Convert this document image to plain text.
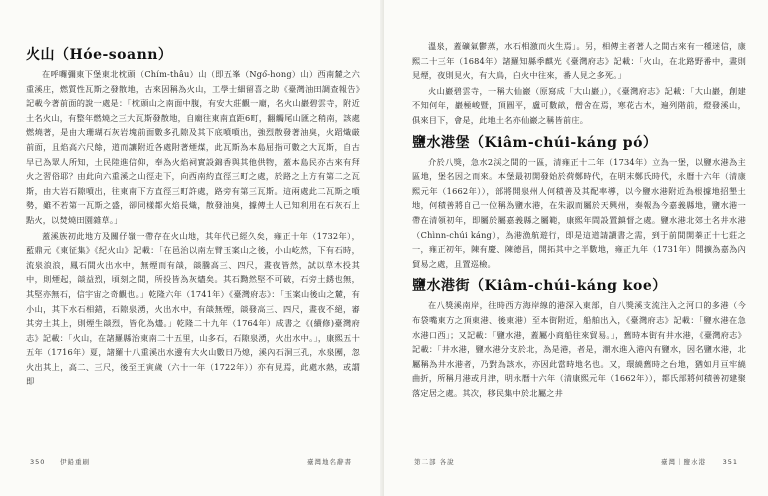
火山（Hóe-soann）

在呼囉彌東下堡東北枕頭（Chím-thâu）山（即五峯（Ngó͘-hong）山）西南麓之六重溪庄，燃質性瓦斯之發散地，古來因稱為火山，工學士細留喜之助《臺灣油田調查報告》記載今著前面的說一處是：「枕頭山之南面中腹，有安大莊觀一廟，名火山巖碧雲寺，附近土名火山，有整年燃燒之三大瓦斯發散地，自廟往東南直距6町，翻觸尾山匯之稍南，該處燃燒著，是由大珊瑚石灰岩塊前面數多孔隙及其下底噴噴出，強烈散發著油臭，火蹈熾厳前面，且焰高六尺餘，道而讓附近各處附著煙煤，此瓦斯為本島屈指可數之大瓦斯，自古早已為眾人所知，土民陸進信仰，奉為火焰祠實設錦香與其他供物，蓋本島民亦古來有拜火之習俗耶？由此向六重溪之山徑走下，向西南約直徑三町之處，於路之上方有第二之瓦斯，由大岩石隙噴出，往東南下方直徑三町許處，路旁有第三瓦斯。這兩處此二瓦斯之噴勢，雖不若第一瓦斯之盛，卻同樣都火焰長熾，散發油臭，據傳土人已知利用在石灰石上點火，以焚燒田園雜草。」

蓋溪族初此地方及關仔嶺一帶存在火山地，其年代已經久矣，雍正十年（1732年），藍鼎元《東征集》《紀火山》記載：「在邑治以南左臂玉案山之後，小山屹然，下有石時，流泉浪浪，鳳石間火出水中，無煙而有燄，燄騰高三、四尺，晝夜皆然，試以草木投其中，則煙起，燄益烈，頃刻之間，所投皆為灰燼矣。其石黝然堅不可破，石旁土銹也無，其堅亦無石，信宇宙之奇觀也。」乾隆六年（1741年）《臺灣府志》：「玉案山後山之麓，有小山，其下水石相錯，石隙泉湧，火出水中，有燄無煙，燄發高三、四尺，晝夜不絕，審其旁土其上，則煙生燄烈，皆化為燼。」乾隆二十九年（1764年）成書之《(續修)臺灣府志》記載：「火山，在諸羅縣治東南二十五里，山多石，石隙泉湧，火出水中。」，康熙五十五年（1716年）夏，諸羅十八重溪出水邊有大火山數日乃熄，溪內石洞三孔，水泉團，忽火出其上，高二、三尺，後至王寅歲（六十一年（1722年））亦有見焉，此處水熱，或謂即

350 伊鉛重刷	臺灣地名辭書

溫泉，蓋礦氣鬱蒸，水石相激而火生焉」。另，相傳主者著人之間古來有一種迷信，康熙二十三年（1684年）諸羅知縣季麒光《臺灣府志》記載：「火山，在北路野番中，晝則見煙，夜則見火，有大鳥，白火中往來，番人見之多死。」

火山巖碧雲寺，一稱大仙巖（原寫成「大山巖」），《臺灣府志》記載：「大山巖，創建不知何年，巖極峻暨，頂圓平，盧可數畝，僧舍在焉，寒花古木，遍列階前，燈發溪山，俱來目下，會是，此地土名亦仙巖之稱皆前庄。

鹽水港堡（Kiâm-chúi-káng pó）

介於八獎，急水2渓之間的一區，清雍正十二年（1734年）立為一堡，以鹽水港為主區地，堡名因之而來。本堡最初開發始於荷鄭時代，在明末鄭氏時代，永曆十六年（清康熙元年（1662年）），部將開泉州人何積善及其配率導，以今鹽水港附近為根據地招墾土地，何積善將自己一位稱為鹽水港，在朱淑而屬於天興州，奏報為今嘉義縣地，鹽水港一帶在清領初年，即屬於屬嘉義縣之屬範，康熙年間設置鎮督之處。鹽水港北郊土名井水港（Chìnn-chúi káng），為港漁航遊行，即是這道請讀書之需，到于前間開蓁正十七莊之一，雍正初年，陳有慶、陳德昌，開拓其中之半數地，雍正九年（1731年）開擴為嘉為內貿易之處，且置巡檢。

鹽水港街（Kiâm-chúi-káng koe）

在八獎溪南岸，往時西方海岸線的港深入東部，自八獎溪支流注入之河口的多港（今布袋嘴東方之頂東港、後東港）至本街附近，船舶出入，《臺灣府志》記載：「鹽水港在急水港口西」；又記載：「鹽水港，蓋屬小商船往來貿易。」，舊時本街有井水港，《臺灣府志》記載：「井水港，鹽水港分支於北，為是港，者是，潮水進入港內有鹽水，因名鹽水港，北屬稱為井水港者，乃對為該水，亦因此當時地名也。又，環繞舊時之台地，猶如月亘牢繞曲折，所稱月港或月津，明永曆十六年（清康熙元年（1662年）），都氏部將何積善初建聚落定居之處。其次，移民集中於北屬之井

第二部 各說	臺灣｜鹽水港	351
